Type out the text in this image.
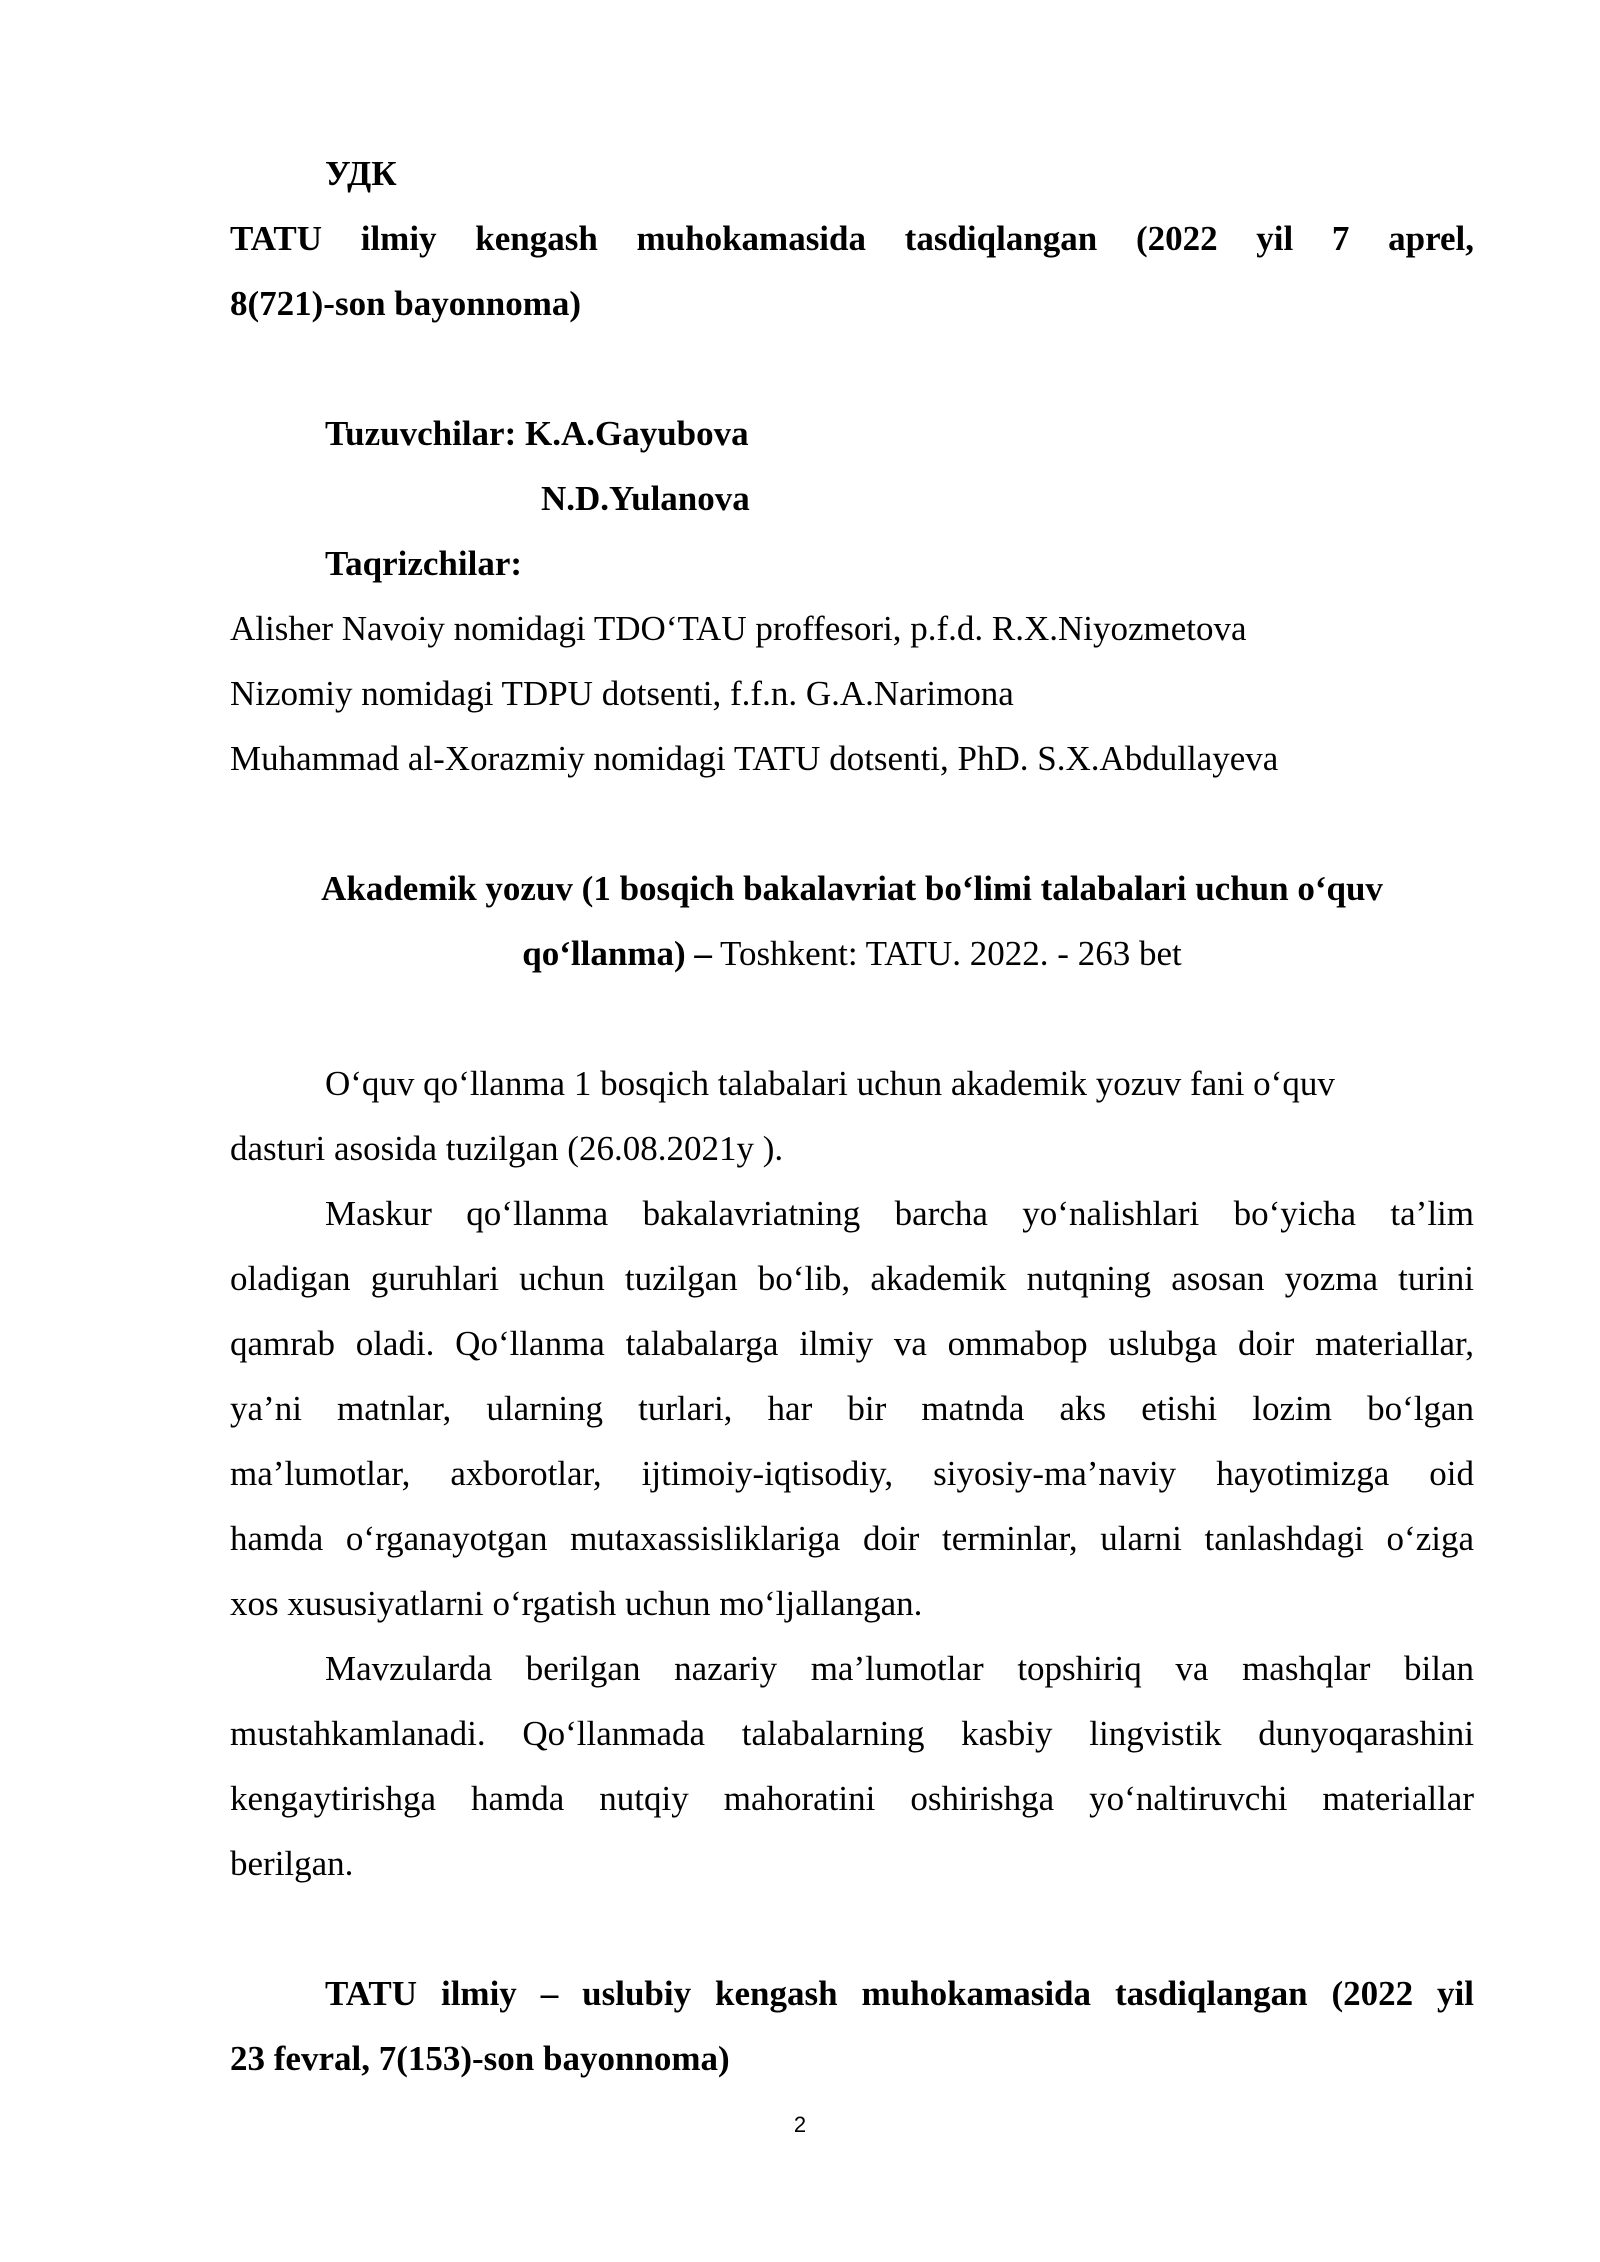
УДК
TATU ilmiy kengash muhokamasida tasdiqlangan (2022 yil 7 aprel,
8(721)-son bayonnoma)
Tuzuvchilar: K.A.Gayubova
N.D.Yulanova
Taqrizchilar:
Alisher Navoiy nomidagi TDO‘TAU proffesori, p.f.d. R.X.Niyozmetova
Nizomiy nomidagi TDPU dotsenti, f.f.n. G.A.Narimona
Muhammad al-Xorazmiy nomidagi TATU dotsenti, PhD. S.X.Abdullayeva
Akademik yozuv (1 bosqich bakalavriat bo‘limi talabalari uchun o‘quv
qo‘llanma) – Toshkent: TATU. 2022. - 263 bet
O‘quv qo‘llanma 1 bosqich talabalari uchun akademik yozuv fani o‘quv
dasturi asosida tuzilgan (26.08.2021y ).
Maskur qo‘llanma bakalavriatning barcha yo‘nalishlari bo‘yicha ta’lim
oladigan guruhlari uchun tuzilgan bo‘lib, akademik nutqning asosan yozma turini
qamrab oladi. Qo‘llanma talabalarga ilmiy va ommabop uslubga doir materiallar,
ya’ni matnlar, ularning turlari, har bir matnda aks etishi lozim bo‘lgan
ma’lumotlar, axborotlar, ijtimoiy-iqtisodiy, siyosiy-ma’naviy hayotimizga oid
hamda o‘rganayotgan mutaxassisliklariga doir terminlar, ularni tanlashdagi o‘ziga
xos xususiyatlarni o‘rgatish uchun mo‘ljallangan.
Mavzularda berilgan nazariy ma’lumotlar topshiriq va mashqlar bilan
mustahkamlanadi. Qo‘llanmada talabalarning kasbiy lingvistik dunyoqarashini
kengaytirishga hamda nutqiy mahoratini oshirishga yo‘naltiruvchi materiallar
berilgan.
TATU ilmiy – uslubiy kengash muhokamasida tasdiqlangan (2022 yil
23 fevral, 7(153)-son bayonnoma)
2
